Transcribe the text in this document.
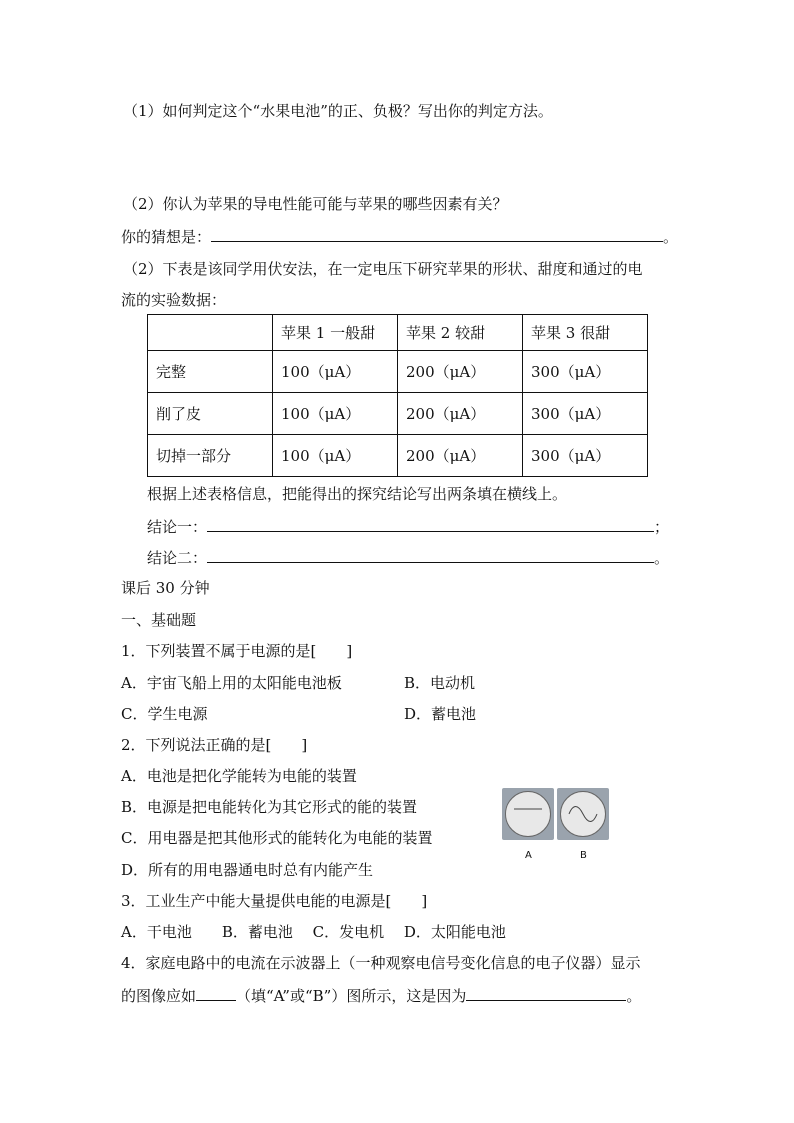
（1）如何判定这个“水果电池”的正、负极？写出你的判定方法。
（2）你认为苹果的导电性能可能与苹果的哪些因素有关？
你的猜想是：	。
（2）下表是该同学用伏安法，在一定电压下研究苹果的形状、甜度和通过的电
流的实验数据：
	苹果 1 一般甜	苹果 2 较甜	苹果 3 很甜
完整	100（μA）	200（μA）	300（μA）
削了皮	100（μA）	200（μA）	300（μA）
切掉一部分	100（μA）	200（μA）	300（μA）
根据上述表格信息，把能得出的探究结论写出两条填在横线上。
结论一：	；
结论二：	。
课后 30 分钟
一、基础题
1．下列装置不属于电源的是[　　]
A．宇宙飞船上用的太阳能电池板	B．电动机
C．学生电源	D．蓄电池
2．下列说法正确的是[　　]
A．电池是把化学能转为电能的装置
B．电源是把电能转化为其它形式的能的装置
C．用电器是把其他形式的能转化为电能的装置
D．所有的用电器通电时总有内能产生
A	B
3．工业生产中能大量提供电能的电源是[　　]
A．干电池　　B．蓄电池　 C．发电机　 D．太阳能电池
4．家庭电路中的电流在示波器上（一种观察电信号变化信息的电子仪器）显示
的图像应如	（填“A”或“B”）图所示，这是因为	。
